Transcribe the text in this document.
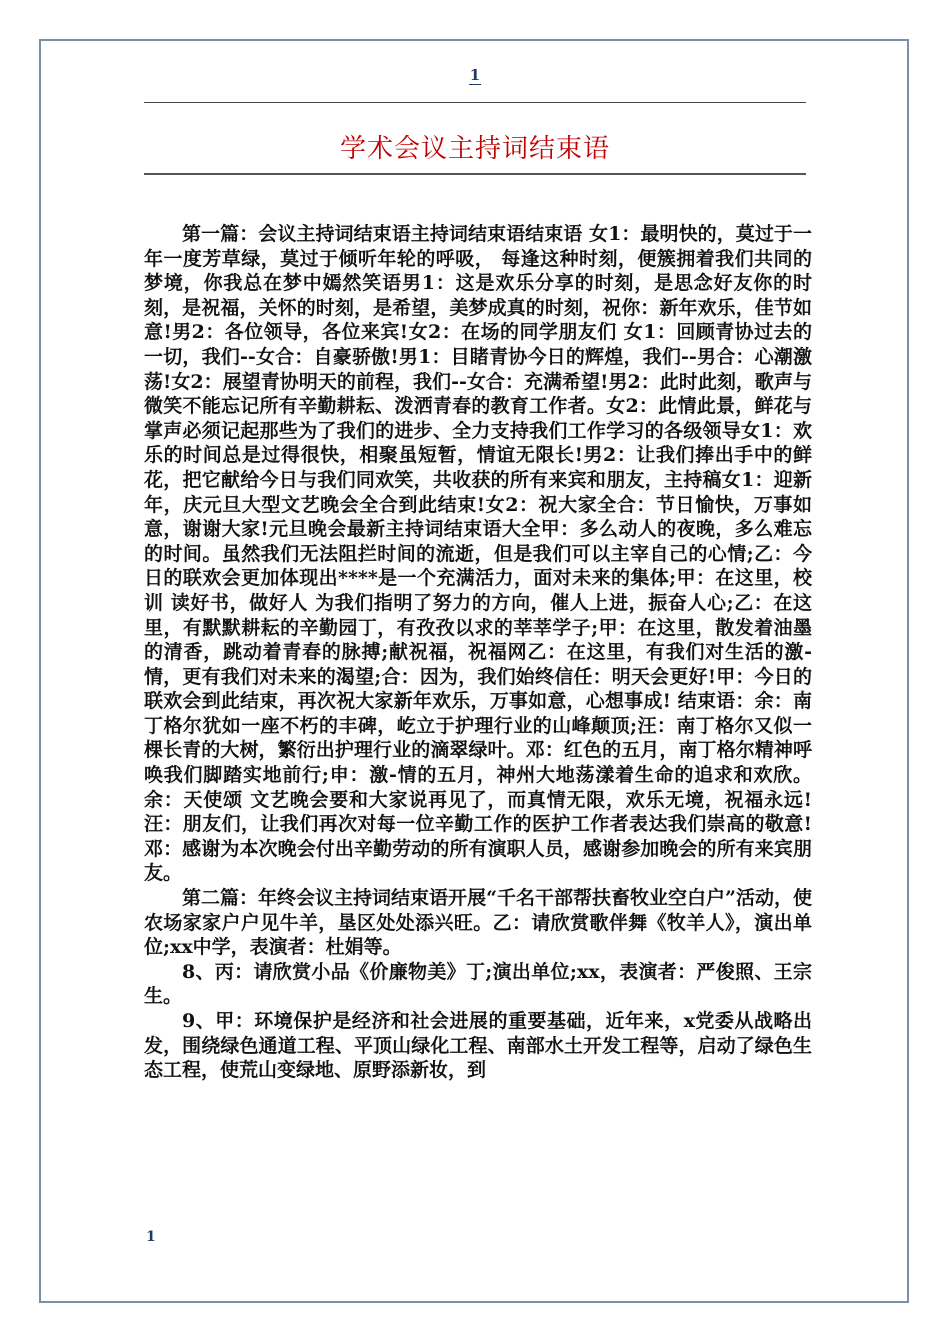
1
学术会议主持词结束语

第一篇：会议主持词结束语主持词结束语结束语 女1：最明快的，莫过于一年一度芳草绿，莫过于倾听年轮的呼吸， 每逢这种时刻，便簇拥着我们共同的梦境，你我总在梦中嫣然笑语男1：这是欢乐分享的时刻，是思念好友你的时刻，是祝福，关怀的时刻，是希望，美梦成真的时刻，祝你：新年欢乐，佳节如意!男2：各位领导，各位来宾!女2：在场的同学朋友们 女1：回顾青协过去的一切，我们--女合：自豪骄傲!男1：目睹青协今日的辉煌，我们--男合：心潮激荡!女2：展望青协明天的前程，我们--女合：充满希望!男2：此时此刻，歌声与微笑不能忘记所有辛勤耕耘、泼洒青春的教育工作者。女2：此情此景，鲜花与掌声必须记起那些为了我们的进步、全力支持我们工作学习的各级领导女1：欢乐的时间总是过得很快，相聚虽短暂，情谊无限长!男2：让我们捧出手中的鲜花，把它献给今日与我们同欢笑，共收获的所有来宾和朋友，主持稿女1：迎新年，庆元旦大型文艺晚会全合到此结束!女2：祝大家全合：节日愉快，万事如意，谢谢大家!元旦晚会最新主持词结束语大全甲：多么动人的夜晚，多么难忘的时间。虽然我们无法阻拦时间的流逝，但是我们可以主宰自己的心情;乙：今日的联欢会更加体现出****是一个充满活力，面对未来的集体;甲：在这里，校训 读好书，做好人 为我们指明了努力的方向，催人上进，振奋人心;乙：在这里，有默默耕耘的辛勤园丁，有孜孜以求的莘莘学子;甲：在这里，散发着油墨的清香，跳动着青春的脉搏;献祝福，祝福网乙：在这里，有我们对生活的激-情，更有我们对未来的渴望;合：因为，我们始终信任：明天会更好!甲：今日的联欢会到此结束，再次祝大家新年欢乐，万事如意，心想事成! 结束语：余：南丁格尔犹如一座不朽的丰碑，屹立于护理行业的山峰颠顶;汪：南丁格尔又似一棵长青的大树，繁衍出护理行业的滴翠绿叶。邓：红色的五月，南丁格尔精神呼唤我们脚踏实地前行;申：激-情的五月，神州大地荡漾着生命的追求和欢欣。余：天使颂 文艺晚会要和大家说再见了，而真情无限，欢乐无境，祝福永远!汪：朋友们，让我们再次对每一位辛勤工作的医护工作者表达我们崇高的敬意!邓：感谢为本次晚会付出辛勤劳动的所有演职人员，感谢参加晚会的所有来宾朋友。

第二篇：年终会议主持词结束语开展“千名干部帮扶畜牧业空白户”活动，使农场家家户户见牛羊，垦区处处添兴旺。乙：请欣赏歌伴舞《牧羊人》，演出单位;xx中学，表演者：杜娟等。

8、丙：请欣赏小品《价廉物美》丁;演出单位;xx，表演者：严俊照、王宗生。

9、甲：环境保护是经济和社会进展的重要基础，近年来，x党委从战略出发，围绕绿色通道工程、平顶山绿化工程、南部水土开发工程等，启动了绿色生态工程，使荒山变绿地、原野添新妆，到

1
